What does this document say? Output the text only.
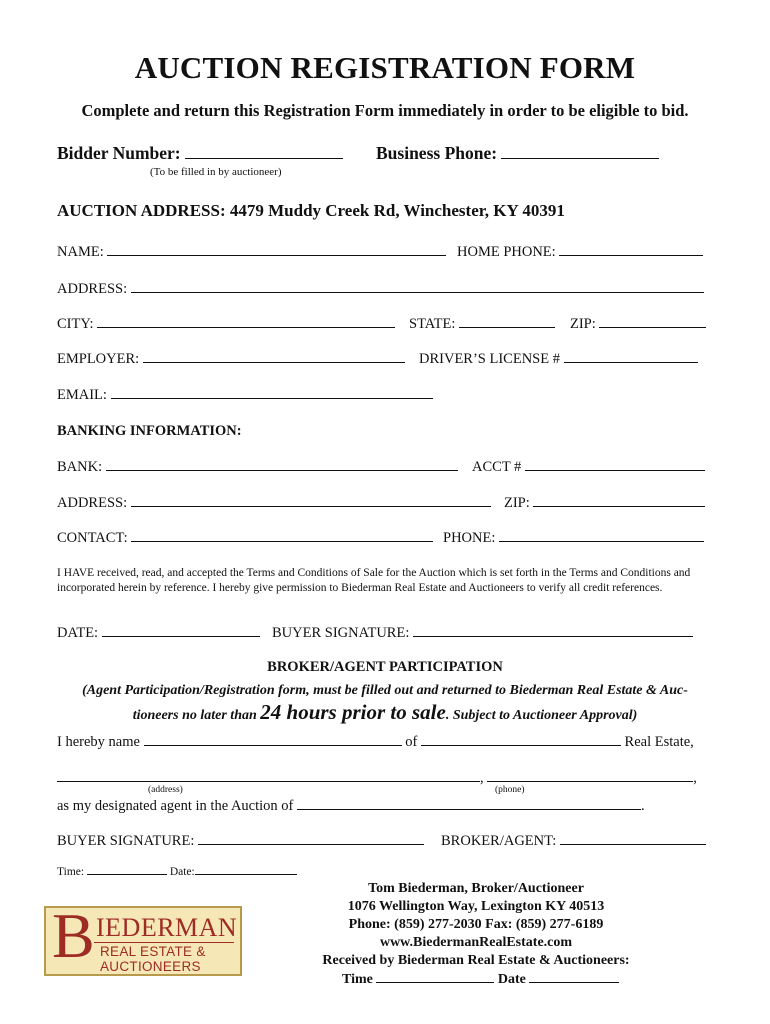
AUCTION REGISTRATION FORM
Complete and return this Registration Form immediately in order to be eligible to bid.
Bidder Number:
(To be filled in by auctioneer)
Business Phone:
AUCTION ADDRESS: 4479 Muddy Creek Rd, Winchester, KY 40391
NAME:	HOME PHONE:
ADDRESS:
CITY:	STATE:	ZIP:
EMPLOYER:	DRIVER’S LICENSE #
EMAIL:
BANKING INFORMATION:
BANK:	ACCT #
ADDRESS:	ZIP:
CONTACT:	PHONE:
I HAVE received, read, and accepted the Terms and Conditions of Sale for the Auction which is set forth in the Terms and Conditions and incorporated herein by reference. I hereby give permission to Biederman Real Estate and Auctioneers to verify all credit references.
DATE:	BUYER SIGNATURE:
BROKER/AGENT PARTICIPATION
(Agent Participation/Registration form, must be filled out and returned to Biederman Real Estate & Auc-
tioneers no later than 24 hours prior to sale. Subject to Auctioneer Approval)
I hereby name	of	Real Estate,
,	,
(address)	(phone)
as my designated agent in the Auction of	.
BUYER SIGNATURE:	BROKER/AGENT:
Time:	Date:
B IEDERMAN
REAL ESTATE &
AUCTIONEERS
Tom Biederman, Broker/Auctioneer
1076 Wellington Way, Lexington KY 40513
Phone: (859) 277-2030 Fax: (859) 277-6189
www.BiedermanRealEstate.com
Received by Biederman Real Estate & Auctioneers:
Time	Date
